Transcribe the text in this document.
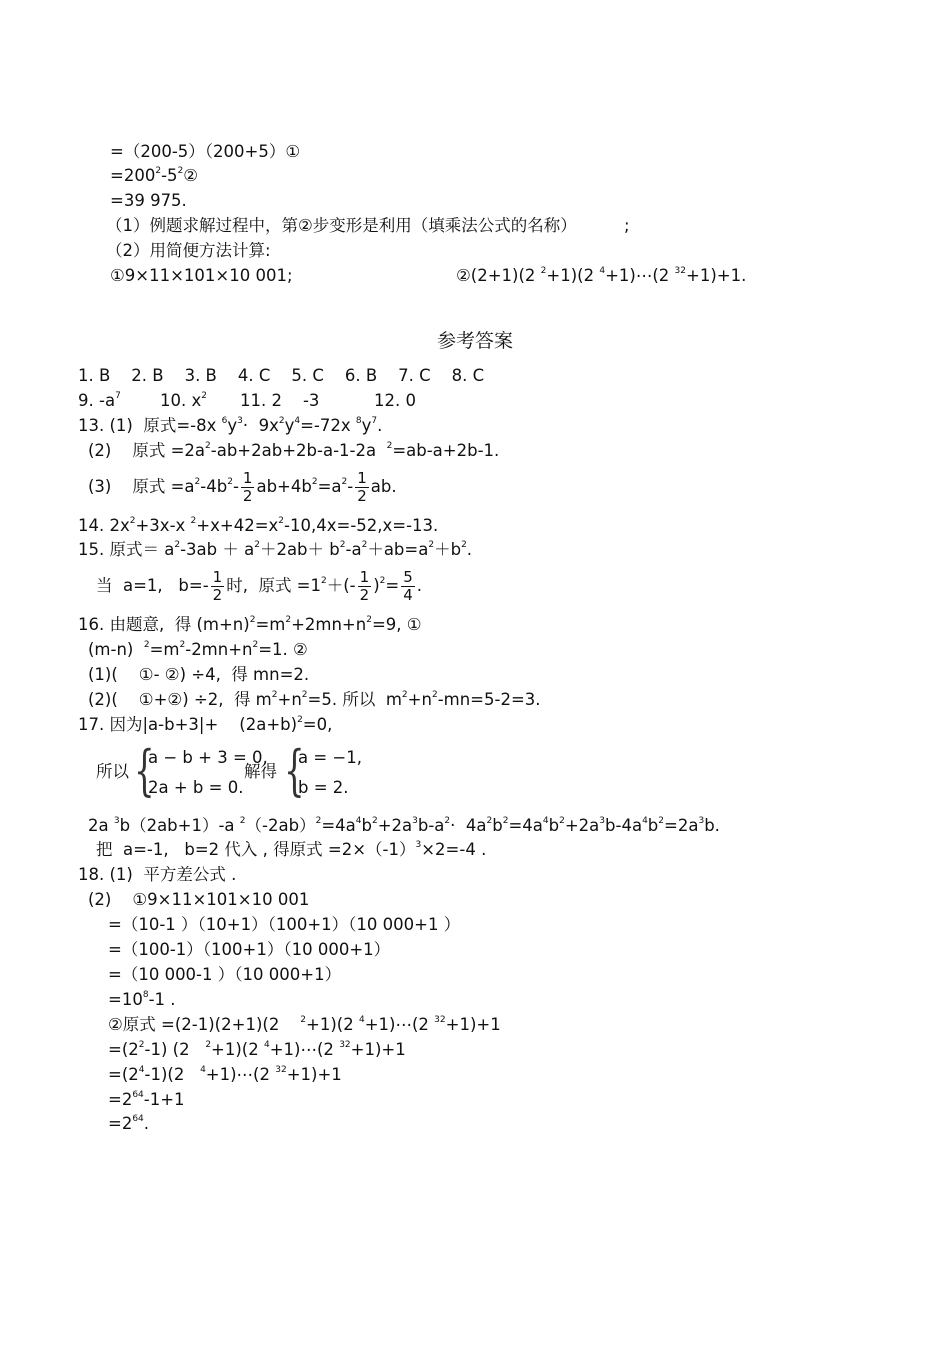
=（200-5）（200+5）①
$=200^2-5^2②$
=39 975.
（1）例题求解过程中，第②步变形是利用（填乘法公式的名称）         ;
（2）用简便方法计算:
①9×11×101×10 001;	②(2+1)(2 $^2$+1)(2 $^4$+1)⋯(2 $^{32}$+1)+1.
参考答案
1. B    2. B    3. B    4. C    5. C    6. B    7. C    8. C
9. $-a^7$ 10. $x^2$ 11. 2    -3	12. 0
13. (1)  原式=-8x $^6y^3\cdot 9x^2y^4=-72x$ $^8y^7$.
(2)    原式 $=2a^2-ab+2ab+2b-a-1-2a$  $^2$=ab-a+2b-1.
(3)    原式 $=a^2-4b^2- \frac{1}{2} ab+4b^2=a^2- \frac{1}{2}$ ab.
14. $2x^2+3x-x$ $^2+x+42=x^2-10,4x=-52,x=-13$.
15. 原式＝ $a^2-3ab + a^2+2ab+ b^2-a^2+ab=a^2+b^2$.
当  a=1,   $b=- \frac{1}{2}$ 时,  原式 $=1^2+(- \frac{1}{2} )^2= \frac{5}{4}$ .
16. 由题意,  得 $(m+n)^2=m^2+2mn+n^2=9$, ①
(m-n)  $^2=m^2-2mn+n^2=1$. ②
(1)(    ①- ②) ÷4,  得 mn=2.
(2)(    ①+②) ÷2,  得 $m^2+n^2=5$. 所以  $m^2+n^2-mn=5-2=3$.
17. 因为|a-b+3|+    $(2a+b)^2=0$,
所以 {
a − b + 3 = 0,
2a + b = 0.
解得 {
a = −1,
b = 2.
2a $^3$b（2ab+1）-a $^2(-2ab)^2=4a^4b^2+2a^3b-a^2\cdot 4a^2b^2=4a^4b^2+2a^3b-4a^4b^2=2a^3b$.
把  a=-1,   b=2 代入 , 得原式 $=2\times(-1)^3\times 2=-4$ .
18. (1)  平方差公式 .
(2)    ①9×11×101×10 001
=（10-1 ）（10+1）（100+1）（10 000+1 ）
=（100-1）（100+1）（10 000+1）
=（10 000-1 ）（10 000+1）
$=10^8-1$ .
②原式 =(2-1)(2+1)(2    $^2$+1)(2 $^4$+1)⋯(2 $^{32}$+1)+1
$=(2^2-1)$ (2   $^2$+1)(2 $^4$+1)⋯(2 $^{32}$+1)+1
$=(2^4-1)(2$   $^4$+1)⋯(2 $^{32}$+1)+1
$=2^{64}-1+1$
$=2^{64}$.
